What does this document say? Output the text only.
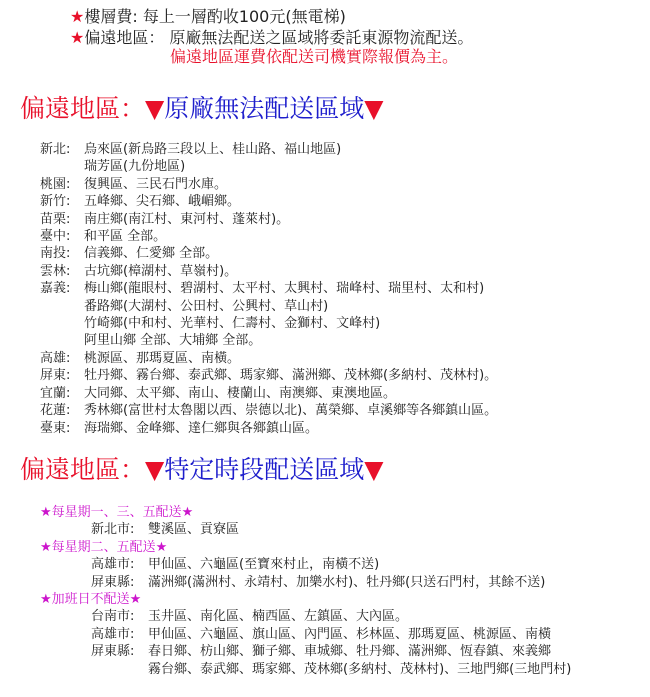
★樓層費: 每上一層酌收100元(無電梯)
★偏遠地區： 原廠無法配送之區域將委託東源物流配送。
偏遠地區運費依配送司機實際報價為主。
偏遠地區：▼原廠無法配送區域▼
新北:	烏來區(新烏路三段以上、桂山路、福山地區)
瑞芳區(九份地區)
桃園:	復興區、三民石門水庫。
新竹:	五峰鄉、尖石鄉、峨嵋鄉。
苗栗:	南庄鄉(南江村、東河村、蓬萊村)。
臺中:	和平區 全部。
南投:	信義鄉、仁愛鄉 全部。
雲林:	古坑鄉(樟湖村、草嶺村)。
嘉義:	梅山鄉(龍眼村、碧湖村、太平村、太興村、瑞峰村、瑞里村、太和村)
番路鄉(大湖村、公田村、公興村、草山村)
竹崎鄉(中和村、光華村、仁壽村、金獅村、文峰村)
阿里山鄉 全部、大埔鄉 全部。
高雄:	桃源區、那瑪夏區、南橫。
屏東:	牡丹鄉、霧台鄉、泰武鄉、瑪家鄉、滿洲鄉、茂林鄉(多納村、茂林村)。
宜蘭:	大同鄉、太平鄉、南山、棲蘭山、南澳鄉、東澳地區。
花蓮:	秀林鄉(富世村太魯閣以西、崇德以北)、萬榮鄉、卓溪鄉等各鄉鎮山區。
臺東:	海瑞鄉、金峰鄉、達仁鄉與各鄉鎮山區。
偏遠地區：▼特定時段配送區域▼
★每星期一、三、五配送★
新北市:	雙溪區、貢寮區
★每星期二、五配送★
高雄市:	甲仙區、六龜區(至寶來村止，南橫不送)
屏東縣:	滿洲鄉(滿洲村、永靖村、加樂水村)、牡丹鄉(只送石門村，其餘不送)
★加班日不配送★
台南市:	玉井區、南化區、楠西區、左鎮區、大內區。
高雄市:	甲仙區、六龜區、旗山區、內門區、杉林區、那瑪夏區、桃源區、南橫
屏東縣:	春日鄉、枋山鄉、獅子鄉、車城鄉、牡丹鄉、滿洲鄉、恆春鎮、來義鄉
霧台鄉、泰武鄉、瑪家鄉、茂林鄉(多納村、茂林村)、三地門鄉(三地門村)
